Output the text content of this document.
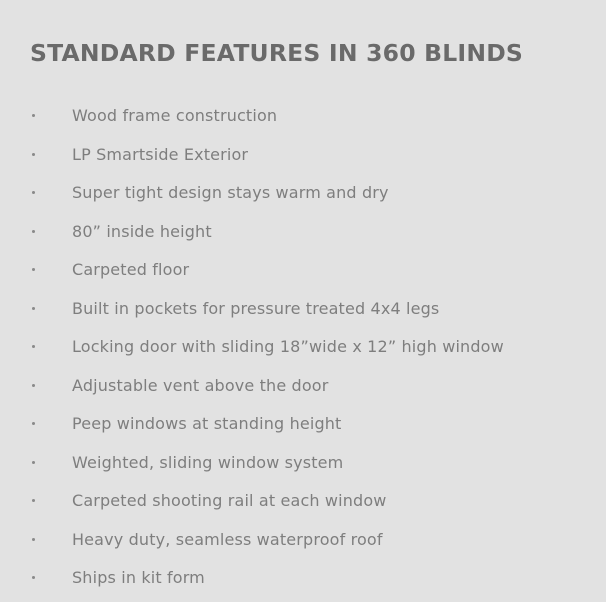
STANDARD FEATURES IN 360 BLINDS
Wood frame construction
LP Smartside Exterior
Super tight design stays warm and dry
80” inside height
Carpeted floor
Built in pockets for pressure treated 4x4 legs
Locking door with sliding 18”wide x 12” high window
Adjustable vent above the door
Peep windows at standing height
Weighted, sliding window system
Carpeted shooting rail at each window
Heavy duty, seamless waterproof roof
Ships in kit form
